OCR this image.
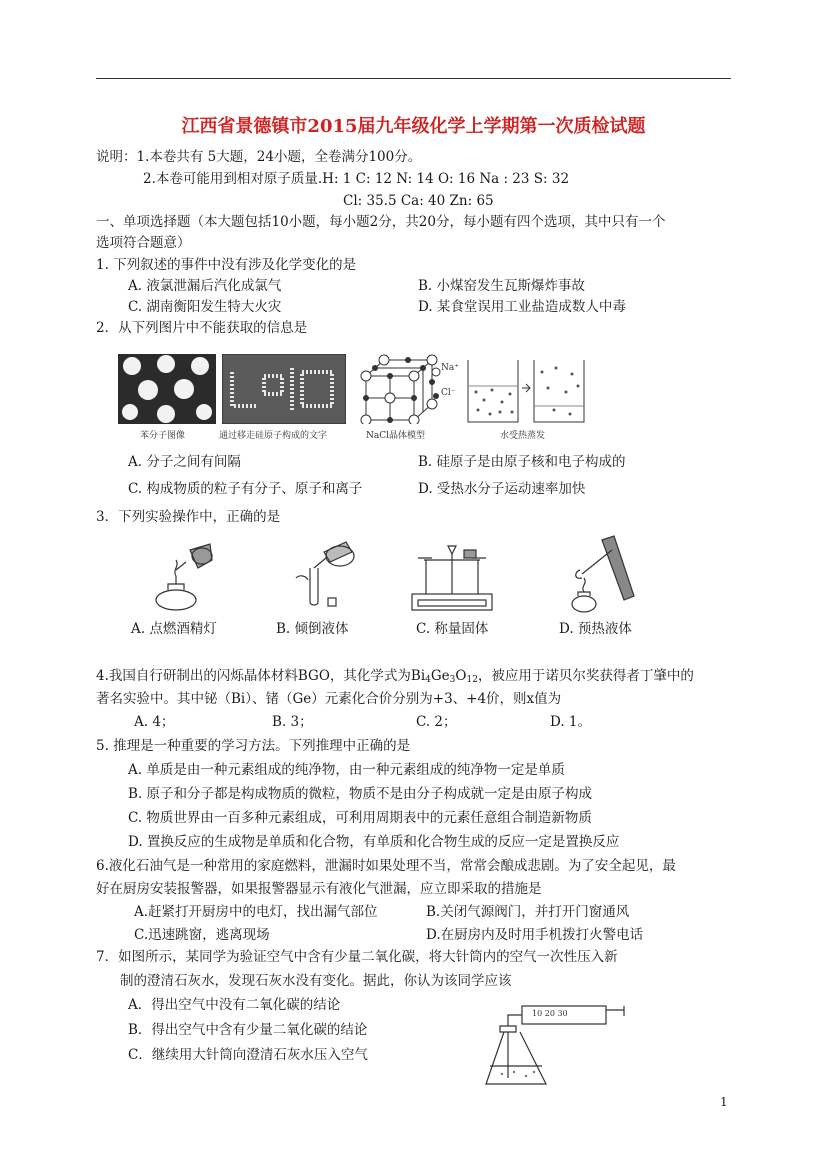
江西省景德镇市2015届九年级化学上学期第一次质检试题
说明：1.本卷共有 5大题，24小题，全卷满分100分。
2.本卷可能用到相对原子质量.H: 1 C: 12 N: 14 O: 16 Na : 23 S: 32
Cl: 35.5 Ca: 40 Zn: 65
一、单项选择题（本大题包括10小题，每小题2分，共20分，每小题有四个选项，其中只有一个
选项符合题意）
1. 下列叙述的事件中没有涉及化学变化的是
A. 液氯泄漏后汽化成氯气	B. 小煤窑发生瓦斯爆炸事故
C. 湖南衡阳发生特大火灾	D. 某食堂误用工业盐造成数人中毒
2．从下列图片中不能获取的信息是
苯分子图像	通过移走硅原子构成的文字
Na⁺
Cl⁻
NaCl晶体模型	水受热蒸发
A. 分子之间有间隔	B. 硅原子是由原子核和电子构成的
C. 构成物质的粒子有分子、原子和离子	D. 受热水分子运动速率加快
3．下列实验操作中，正确的是
A. 点燃酒精灯	B. 倾倒液体	C. 称量固体	D. 预热液体
4.我国自行研制出的闪烁晶体材料BGO，其化学式为$Bi_4Ge_3O_{12}$，被应用于诺贝尔奖获得者丁肇中的
著名实验中。其中铋（Bi）、锗（Ge）元素化合价分别为+3、+4价，则x值为
A. 4；	B. 3；	C. 2；	D. 1。
5. 推理是一种重要的学习方法。下列推理中正确的是
A. 单质是由一种元素组成的纯净物，由一种元素组成的纯净物一定是单质
B. 原子和分子都是构成物质的微粒，物质不是由分子构成就一定是由原子构成
C. 物质世界由一百多种元素组成，可利用周期表中的元素任意组合制造新物质
D. 置换反应的生成物是单质和化合物，有单质和化合物生成的反应一定是置换反应
6.液化石油气是一种常用的家庭燃料，泄漏时如果处理不当，常常会酿成悲剧。为了安全起见，最
好在厨房安装报警器，如果报警器显示有液化气泄漏，应立即采取的措施是
A.赶紧打开厨房中的电灯，找出漏气部位	B.关闭气源阀门，并打开门窗通风
C.迅速跳窗，逃离现场	D.在厨房内及时用手机拨打火警电话
7．如图所示，某同学为验证空气中含有少量二氧化碳，将大针筒内的空气一次性压入新
制的澄清石灰水，发现石灰水没有变化。据此，你认为该同学应该
A．得出空气中没有二氧化碳的结论
B．得出空气中含有少量二氧化碳的结论
C．继续用大针筒向澄清石灰水压入空气
10 20 30
1
